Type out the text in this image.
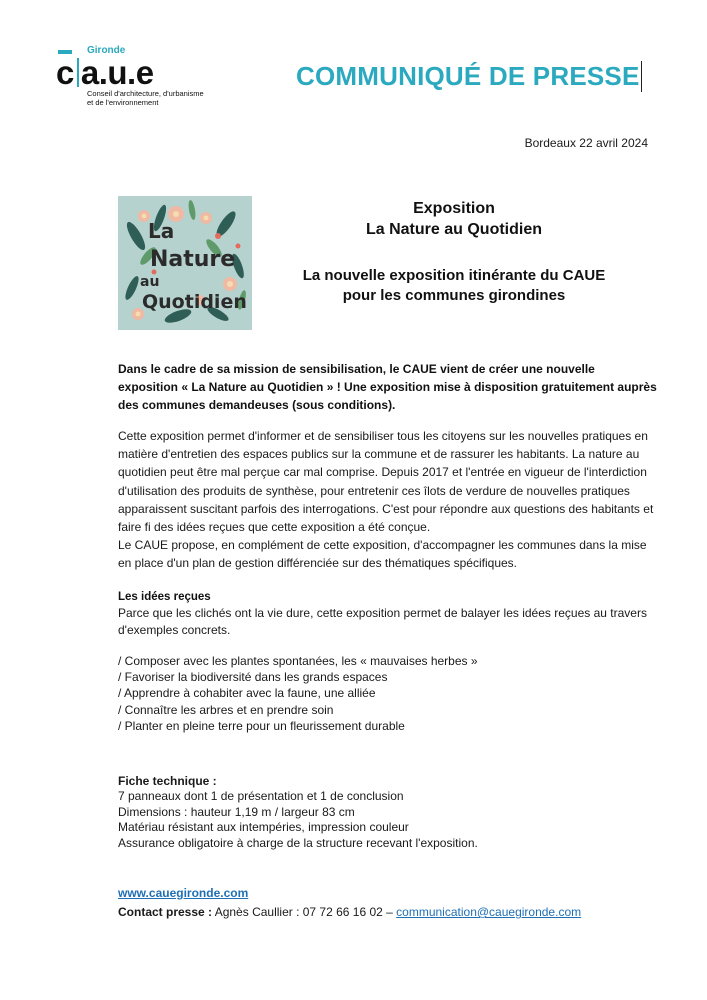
Gironde
c a.u.e
Conseil d'architecture, d'urbanisme
et de l'environnement
COMMUNIQUÉ DE PRESSE
Bordeaux 22 avril 2024
La
Nature
au
Quotidien
Exposition
La Nature au Quotidien
La nouvelle exposition itinérante du CAUE
pour les communes girondines
Dans le cadre de sa mission de sensibilisation, le CAUE vient de créer une nouvelle exposition « La Nature au Quotidien » ! Une exposition mise à disposition gratuitement auprès des communes demandeuses (sous conditions).

Cette exposition permet d'informer et de sensibiliser tous les citoyens sur les nouvelles pratiques en matière d'entretien des espaces publics sur la commune et de rassurer les habitants. La nature au quotidien peut être mal perçue car mal comprise. Depuis 2017 et l'entrée en vigueur de l'interdiction d'utilisation des produits de synthèse, pour entretenir ces îlots de verdure de nouvelles pratiques apparaissent suscitant parfois des interrogations. C'est pour répondre aux questions des habitants et faire fi des idées reçues que cette exposition a été conçue.

Le CAUE propose, en complément de cette exposition, d'accompagner les communes dans la mise en place d'un plan de gestion différenciée sur des thématiques spécifiques.

Les idées reçues
Parce que les clichés ont la vie dure, cette exposition permet de balayer les idées reçues au travers d'exemples concrets.
/ Composer avec les plantes spontanées, les « mauvaises herbes »
/ Favoriser la biodiversité dans les grands espaces
/ Apprendre à cohabiter avec la faune, une alliée
/ Connaître les arbres et en prendre soin
/ Planter en pleine terre pour un fleurissement durable
Fiche technique :
7 panneaux dont 1 de présentation et 1 de conclusion
Dimensions : hauteur 1,19 m / largeur 83 cm
Matériau résistant aux intempéries, impression couleur
Assurance obligatoire à charge de la structure recevant l'exposition.
www.cauegironde.com
Contact presse : Agnès Caullier : 07 72 66 16 02 – communication@cauegironde.com
